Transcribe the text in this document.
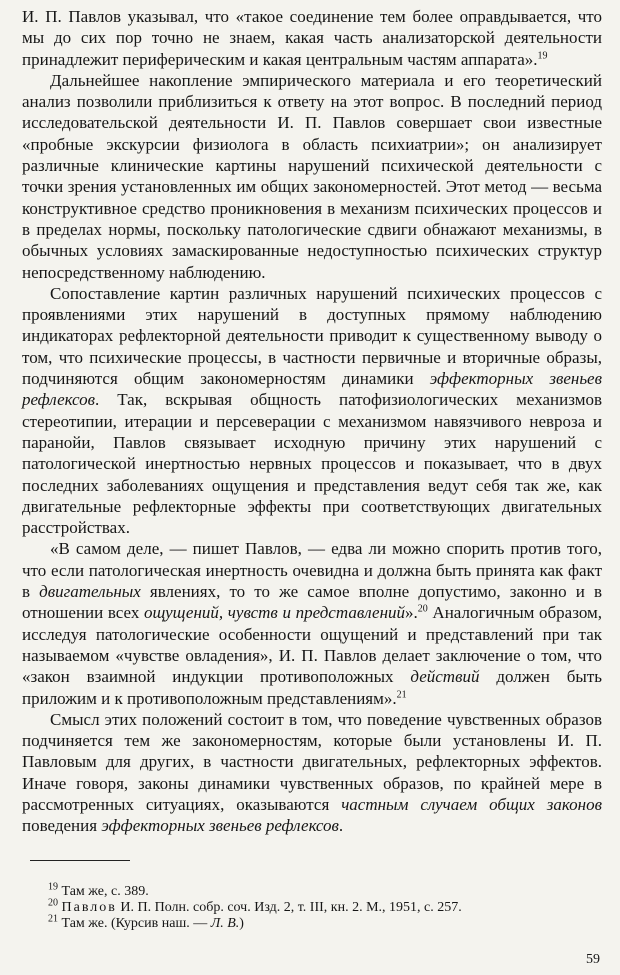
И. П. Павлов указывал, что «такое соединение тем более оправдывается, что мы до сих пор точно не знаем, какая часть анализаторской деятельности принадлежит периферическим и какая центральным частям аппарата».$^{19}$

Дальнейшее накопление эмпирического материала и его теоретический анализ позволили приблизиться к ответу на этот вопрос. В последний период исследовательской деятельности И. П. Павлов совершает свои известные «пробные экскурсии физиолога в область психиатрии»; он анализирует различные клинические картины нарушений психической деятельности с точки зрения установленных им общих закономерностей. Этот метод — весьма конструктивное средство проникновения в механизм психических процессов и в пределах нормы, поскольку патологические сдвиги обнажают механизмы, в обычных условиях замаскированные недоступностью психических структур непосредственному наблюдению.

Сопоставление картин различных нарушений психических процессов с проявлениями этих нарушений в доступных прямому наблюдению индикаторах рефлекторной деятельности приводит к существенному выводу о том, что психические процессы, в частности первичные и вторичные образы, подчиняются общим закономерностям динамики эффекторных звеньев рефлексов. Так, вскрывая общность патофизиологических механизмов стереотипии, итерации и персеверации с механизмом навязчивого невроза и паранойи, Павлов связывает исходную причину этих нарушений с патологической инертностью нервных процессов и показывает, что в двух последних заболеваниях ощущения и представления ведут себя так же, как двигательные рефлекторные эффекты при соответствующих двигательных расстройствах.

«В самом деле, — пишет Павлов, — едва ли можно спорить против того, что если патологическая инертность очевидна и должна быть принята как факт в двигательных явлениях, то то же самое вполне допустимо, законно и в отношении всех ощущений, чувств и представлений».$^{20}$ Аналогичным образом, исследуя патологические особенности ощущений и представлений при так называемом «чувстве овладения», И. П. Павлов делает заключение о том, что «закон взаимной индукции противоположных действий должен быть приложим и к противоположным представлениям».$^{21}$

Смысл этих положений состоит в том, что поведение чувственных образов подчиняется тем же закономерностям, которые были установлены И. П. Павловым для других, в частности двигательных, рефлекторных эффектов. Иначе говоря, законы динамики чувственных образов, по крайней мере в рассмотренных ситуациях, оказываются частным случаем общих законов поведения эффекторных звеньев рефлексов.

$^{19}$ Там же, с. 389.
$^{20}$ Павлов И. П. Полн. собр. соч. Изд. 2, т. III, кн. 2. М., 1951, с. 257.
$^{21}$ Там же. (Курсив наш. — Л. В.)
59
